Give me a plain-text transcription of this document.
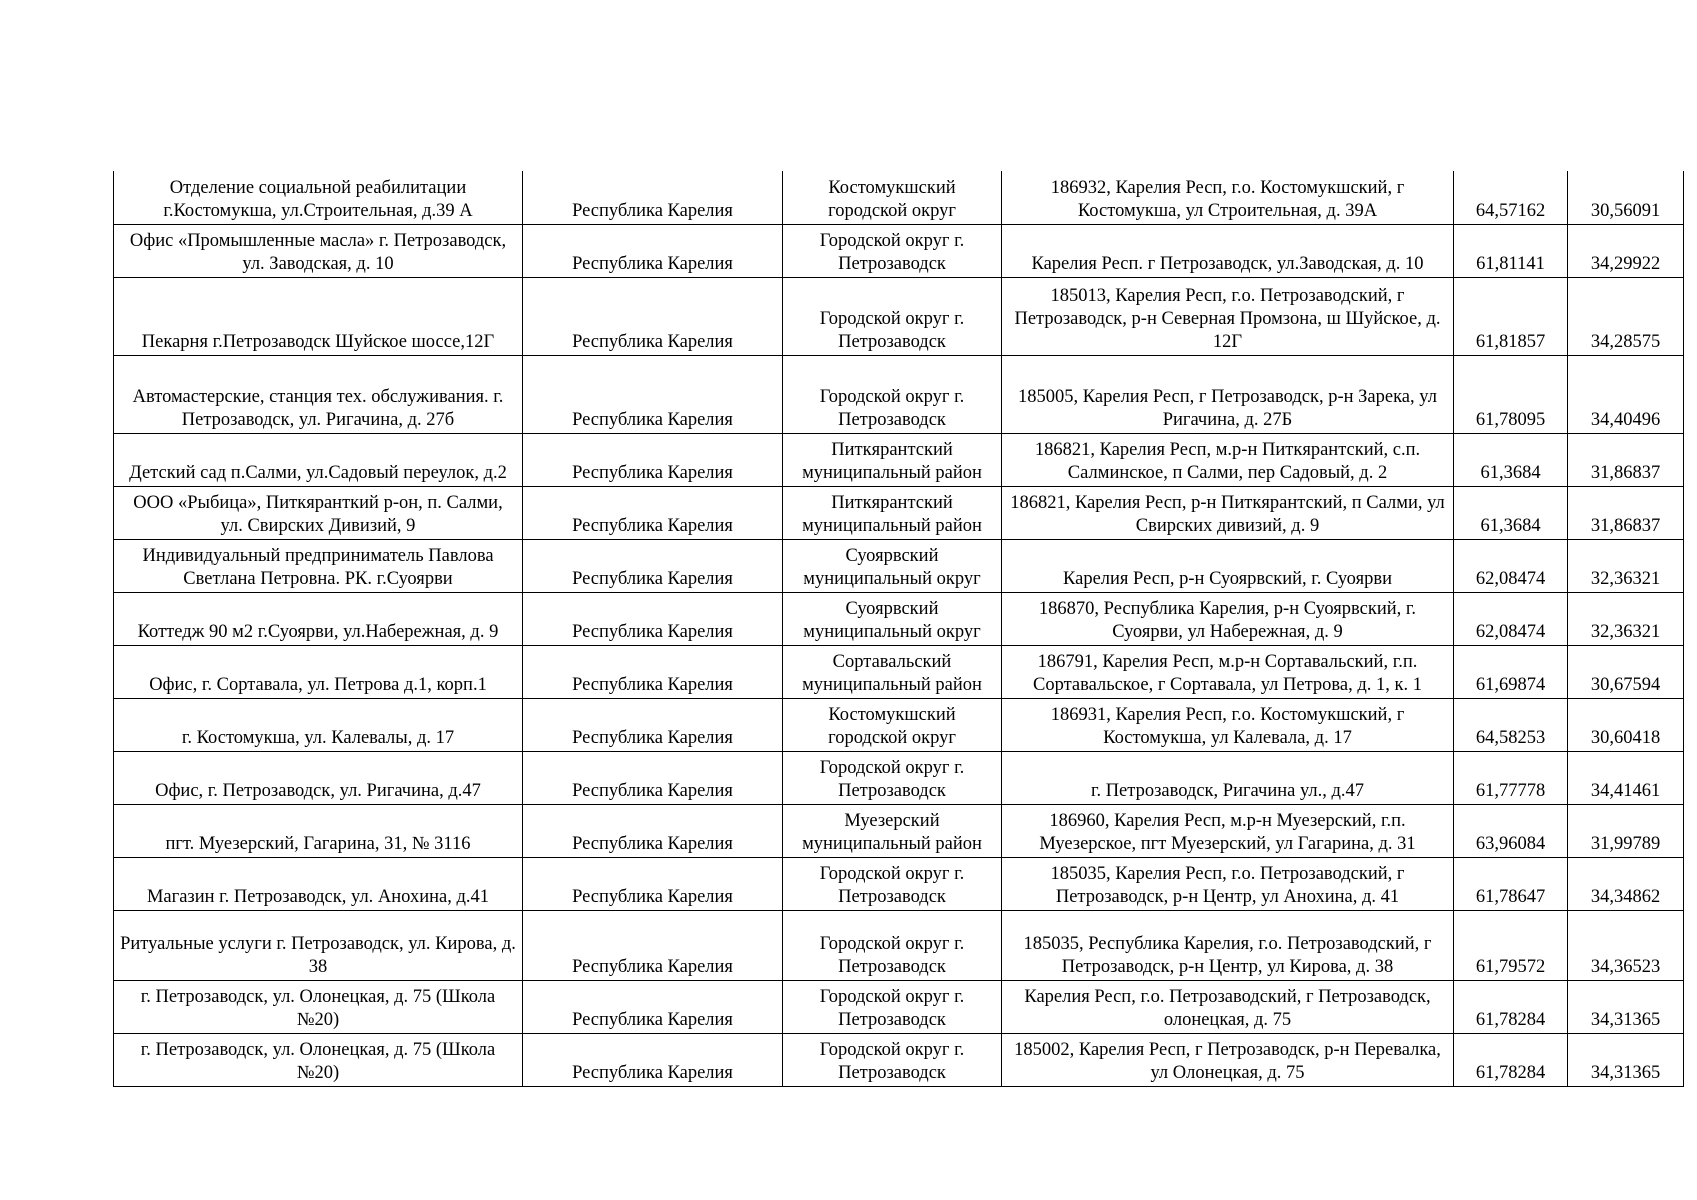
Отделение социальной реабилитации г.Костомукша, ул.Строительная, д.39 А	Республика Карелия	Костомукшский городской округ	186932, Карелия Респ, г.о. Костомукшский, г Костомукша, ул Строительная, д. 39А	64,57162	30,56091
Офис «Промышленные масла» г. Петрозаводск, ул. Заводская, д. 10	Республика Карелия	Городской округ г. Петрозаводск	Карелия Респ. г Петрозаводск, ул.Заводская, д. 10	61,81141	34,29922
Пекарня г.Петрозаводск Шуйское шоссе,12Г	Республика Карелия	Городской округ г. Петрозаводск	185013, Карелия Респ, г.о. Петрозаводский, г Петрозаводск, р-н Северная Промзона, ш Шуйское, д. 12Г	61,81857	34,28575
Автомастерские, станция тех. обслуживания. г. Петрозаводск, ул. Ригачина, д. 27б	Республика Карелия	Городской округ г. Петрозаводск	185005, Карелия Респ, г Петрозаводск, р-н Зарека, ул Ригачина, д. 27Б	61,78095	34,40496
Детский сад п.Салми, ул.Садовый переулок, д.2	Республика Карелия	Питкярантский муниципальный район	186821, Карелия Респ, м.р-н Питкярантский, с.п. Салминское, п Салми, пер Садовый, д. 2	61,3684	31,86837
ООО «Рыбица», Питкяранткий р-он, п. Салми, ул. Свирских Дивизий, 9	Республика Карелия	Питкярантский муниципальный район	186821, Карелия Респ, р-н Питкярантский, п Салми, ул Свирских дивизий, д. 9	61,3684	31,86837
Индивидуальный предприниматель Павлова Светлана Петровна. РК. г.Суоярви	Республика Карелия	Суоярвский муниципальный округ	Карелия Респ, р-н Суоярвский, г. Суоярви	62,08474	32,36321
Коттедж 90 м2 г.Суоярви, ул.Набережная, д. 9	Республика Карелия	Суоярвский муниципальный округ	186870, Республика Карелия, р-н Суоярвский, г. Суоярви, ул Набережная, д. 9	62,08474	32,36321
Офис, г. Сортавала, ул. Петрова д.1, корп.1	Республика Карелия	Сортавальский муниципальный район	186791, Карелия Респ, м.р-н Сортавальский, г.п. Сортавальское, г Сортавала, ул Петрова, д. 1, к. 1	61,69874	30,67594
г. Костомукша, ул. Калевалы, д. 17	Республика Карелия	Костомукшский городской округ	186931, Карелия Респ, г.о. Костомукшский, г Костомукша, ул Калевала, д. 17	64,58253	30,60418
Офис, г. Петрозаводск, ул. Ригачина, д.47	Республика Карелия	Городской округ г. Петрозаводск	г. Петрозаводск, Ригачина ул., д.47	61,77778	34,41461
пгт. Муезерский, Гагарина, 31, № 3116	Республика Карелия	Муезерский муниципальный район	186960, Карелия Респ, м.р-н Муезерский, г.п. Муезерское, пгт Муезерский, ул Гагарина, д. 31	63,96084	31,99789
Магазин г. Петрозаводск, ул. Анохина, д.41	Республика Карелия	Городской округ г. Петрозаводск	185035, Карелия Респ, г.о. Петрозаводский, г Петрозаводск, р-н Центр, ул Анохина, д. 41	61,78647	34,34862
Ритуальные услуги г. Петрозаводск, ул. Кирова, д. 38	Республика Карелия	Городской округ г. Петрозаводск	185035, Республика Карелия, г.о. Петрозаводский, г Петрозаводск, р-н Центр, ул Кирова, д. 38	61,79572	34,36523
г. Петрозаводск, ул. Олонецкая, д. 75 (Школа №20)	Республика Карелия	Городской округ г. Петрозаводск	Карелия Респ, г.о. Петрозаводский, г Петрозаводск, олонецкая, д. 75	61,78284	34,31365
г. Петрозаводск, ул. Олонецкая, д. 75 (Школа №20)	Республика Карелия	Городской округ г. Петрозаводск	185002, Карелия Респ, г Петрозаводск, р-н Перевалка, ул Олонецкая, д. 75	61,78284	34,31365
